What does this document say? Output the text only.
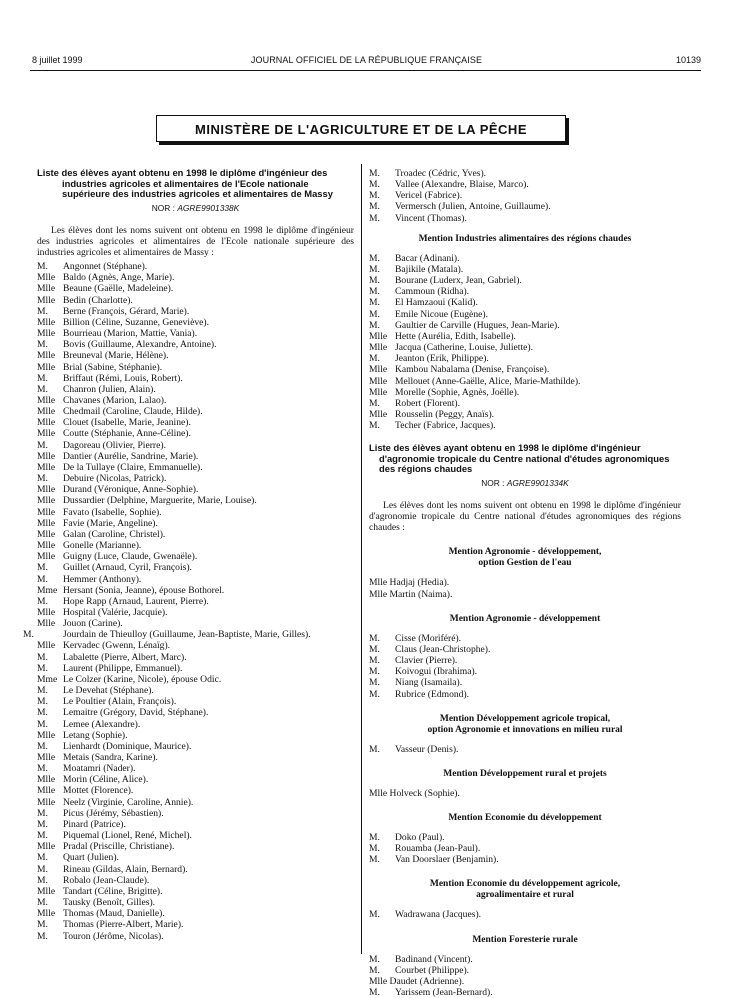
8 juillet 1999	JOURNAL OFFICIEL DE LA RÉPUBLIQUE FRANÇAISE	10139
MINISTÈRE DE L'AGRICULTURE ET DE LA PÊCHE
Liste des élèves ayant obtenu en 1998 le diplôme d'ingénieur des industries agricoles et alimentaires de l'Ecole nationale supérieure des industries agricoles et alimentaires de Massy
NOR : AGRE9901338K

Les élèves dont les noms suivent ont obtenu en 1998 le diplôme d'ingénieur des industries agricoles et alimentaires de l'Ecole nationale supérieure des industries agricoles et alimentaires de Massy :

M. Angonnet (Stéphane).
Mlle Baldo (Agnès, Ange, Marie).
Mlle Beaune (Gaëlle, Madeleine).
Mlle Bedin (Charlotte).
M. Berne (François, Gérard, Marie).
Mlle Billion (Céline, Suzanne, Geneviève).
Mlle Bourrieau (Marion, Mattie, Vania).
M. Bovis (Guillaume, Alexandre, Antoine).
Mlle Breuneval (Marie, Hélène).
Mlle Brial (Sabine, Stéphanie).
M. Briffaut (Rémi, Louis, Robert).
M. Chanron (Julien, Alain).
Mlle Chavanes (Marion, Lalao).
Mlle Chedmail (Caroline, Claude, Hilde).
Mlle Clouet (Isabelle, Marie, Jeanine).
Mlle Coutte (Stéphanie, Anne-Céline).
M. Dagoreau (Olivier, Pierre).
Mlle Dantier (Aurélie, Sandrine, Marie).
Mlle De la Tullaye (Claire, Emmanuelle).
M. Debuire (Nicolas, Patrick).
Mlle Durand (Véronique, Anne-Sophie).
Mlle Dussardier (Delphine, Marguerite, Marie, Louise).
Mlle Favato (Isabelle, Sophie).
Mlle Favie (Marie, Angeline).
Mlle Galan (Caroline, Christel).
Mlle Gonelle (Marianne).
Mlle Guigny (Luce, Claude, Gwenaële).
M. Guillet (Arnaud, Cyril, François).
M. Hemmer (Anthony).
Mme Hersant (Sonia, Jeanne), épouse Bothorel.
M. Hope Rapp (Arnaud, Laurent, Pierre).
Mlle Hospital (Valérie, Jacquie).
Mlle Jouon (Carine).
M.	Jourdain de Thieulloy (Guillaume, Jean-Baptiste, Marie, Gilles).
Mlle Kervadec (Gwenn, Lénaïg).
M. Labalette (Pierre, Albert, Marc).
M. Laurent (Philippe, Emmanuel).
Mme Le Colzer (Karine, Nicole), épouse Odic.
M. Le Devehat (Stéphane).
M. Le Poultier (Alain, François).
M. Lemaitre (Grégory, David, Stéphane).
M. Lemee (Alexandre).
Mlle Letang (Sophie).
M. Lienhardt (Dominique, Maurice).
Mlle Metais (Sandra, Karine).
M. Moatamri (Nader).
Mlle Morin (Céline, Alice).
Mlle Mottet (Florence).
Mlle Neelz (Virginie, Caroline, Annie).
M. Picus (Jérémy, Sébastien).
M. Pinard (Patrice).
M. Piquemal (Lionel, René, Michel).
Mlle Pradal (Priscille, Christiane).
M. Quart (Julien).
M. Rineau (Gildas, Alain, Bernard).
M. Robalo (Jean-Claude).
Mlle Tandart (Céline, Brigitte).
M. Tausky (Benoît, Gilles).
Mlle Thomas (Maud, Danielle).
M. Thomas (Pierre-Albert, Marie).
M. Touron (Jérôme, Nicolas).
M. Troadec (Cédric, Yves).
M. Vallee (Alexandre, Blaise, Marco).
M. Vericel (Fabrice).
M. Vermersch (Julien, Antoine, Guillaume).
M. Vincent (Thomas).
Mention Industries alimentaires des régions chaudes
M. Bacar (Adinani).
M. Bajikile (Matala).
M. Bourane (Luderx, Jean, Gabriel).
M. Cammoun (Ridha).
M. El Hamzaoui (Kalid).
M. Emile Nicoue (Eugène).
M. Gaultier de Carville (Hugues, Jean-Marie).
Mlle Hette (Aurélia, Edith, Isabelle).
Mlle Jacqua (Catherine, Louise, Juliette).
M. Jeanton (Erik, Philippe).
Mlle Kambou Nabalama (Denise, Françoise).
Mlle Mellouet (Anne-Gaëlle, Alice, Marie-Mathilde).
Mlle Morelle (Sophie, Agnès, Joëlle).
M. Robert (Florent).
Mlle Rousselin (Peggy, Anaïs).
M. Techer (Fabrice, Jacques).
Liste des élèves ayant obtenu en 1998 le diplôme d'ingénieur d'agronomie tropicale du Centre national d'études agronomiques des régions chaudes
NOR : AGRE9901334K

Les élèves dont les noms suivent ont obtenu en 1998 le diplôme d'ingénieur d'agronomie tropicale du Centre national d'études agronomiques des régions chaudes :

Mention Agronomie - développement,
option Gestion de l'eau
Mlle Hadjaj (Hedia).
Mlle Martin (Naima).
Mention Agronomie - développement
M. Cisse (Moriféré).
M. Claus (Jean-Christophe).
M. Clavier (Pierre).
M. Koivogui (Ibrahima).
M. Niang (Isamaila).
M. Rubrice (Edmond).
Mention Développement agricole tropical,
option Agronomie et innovations en milieu rural
M. Vasseur (Denis).
Mention Développement rural et projets
Mlle Holveck (Sophie).
Mention Economie du développement
M. Doko (Paul).
M. Rouamba (Jean-Paul).
M. Van Doorslaer (Benjamin).
Mention Economie du développement agricole,
agroalimentaire et rural
M. Wadrawana (Jacques).
Mention Foresterie rurale
M. Badinand (Vincent).
M. Courbet (Philippe).
Mlle Daudet (Adrienne).
M. Yarissem (Jean-Bernard).
